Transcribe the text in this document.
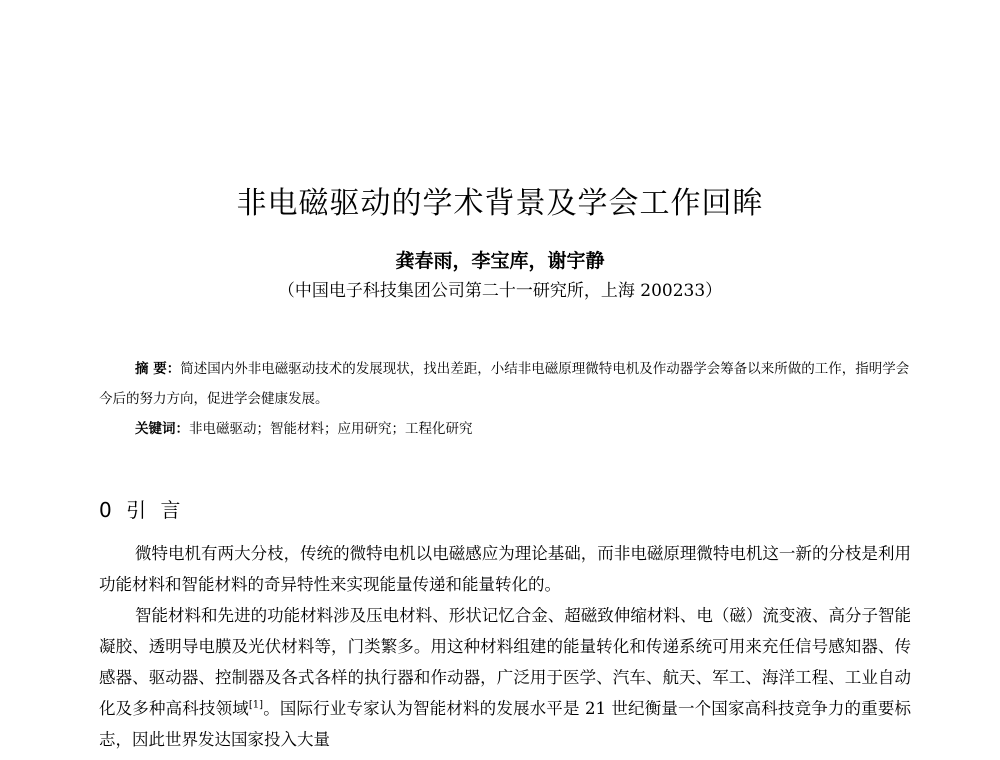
非电磁驱动的学术背景及学会工作回眸
龚春雨，李宝库，谢宇静
（中国电子科技集团公司第二十一研究所，上海 200233）

摘 要：简述国内外非电磁驱动技术的发展现状，找出差距，小结非电磁原理微特电机及作动器学会筹备以来所做的工作，指明学会今后的努力方向，促进学会健康发展。

关键词：非电磁驱动；智能材料；应用研究；工程化研究

0 引 言

微特电机有两大分枝，传统的微特电机以电磁感应为理论基础，而非电磁原理微特电机这一新的分枝是利用功能材料和智能材料的奇异特性来实现能量传递和能量转化的。

智能材料和先进的功能材料涉及压电材料、形状记忆合金、超磁致伸缩材料、电（磁）流变液、高分子智能凝胶、透明导电膜及光伏材料等，门类繁多。用这种材料组建的能量转化和传递系统可用来充任信号感知器、传感器、驱动器、控制器及各式各样的执行器和作动器，广泛用于医学、汽车、航天、军工、海洋工程、工业自动化及多种高科技领域[1]。国际行业专家认为智能材料的发展水平是 21 世纪衡量一个国家高科技竞争力的重要标志，因此世界发达国家投入大量
